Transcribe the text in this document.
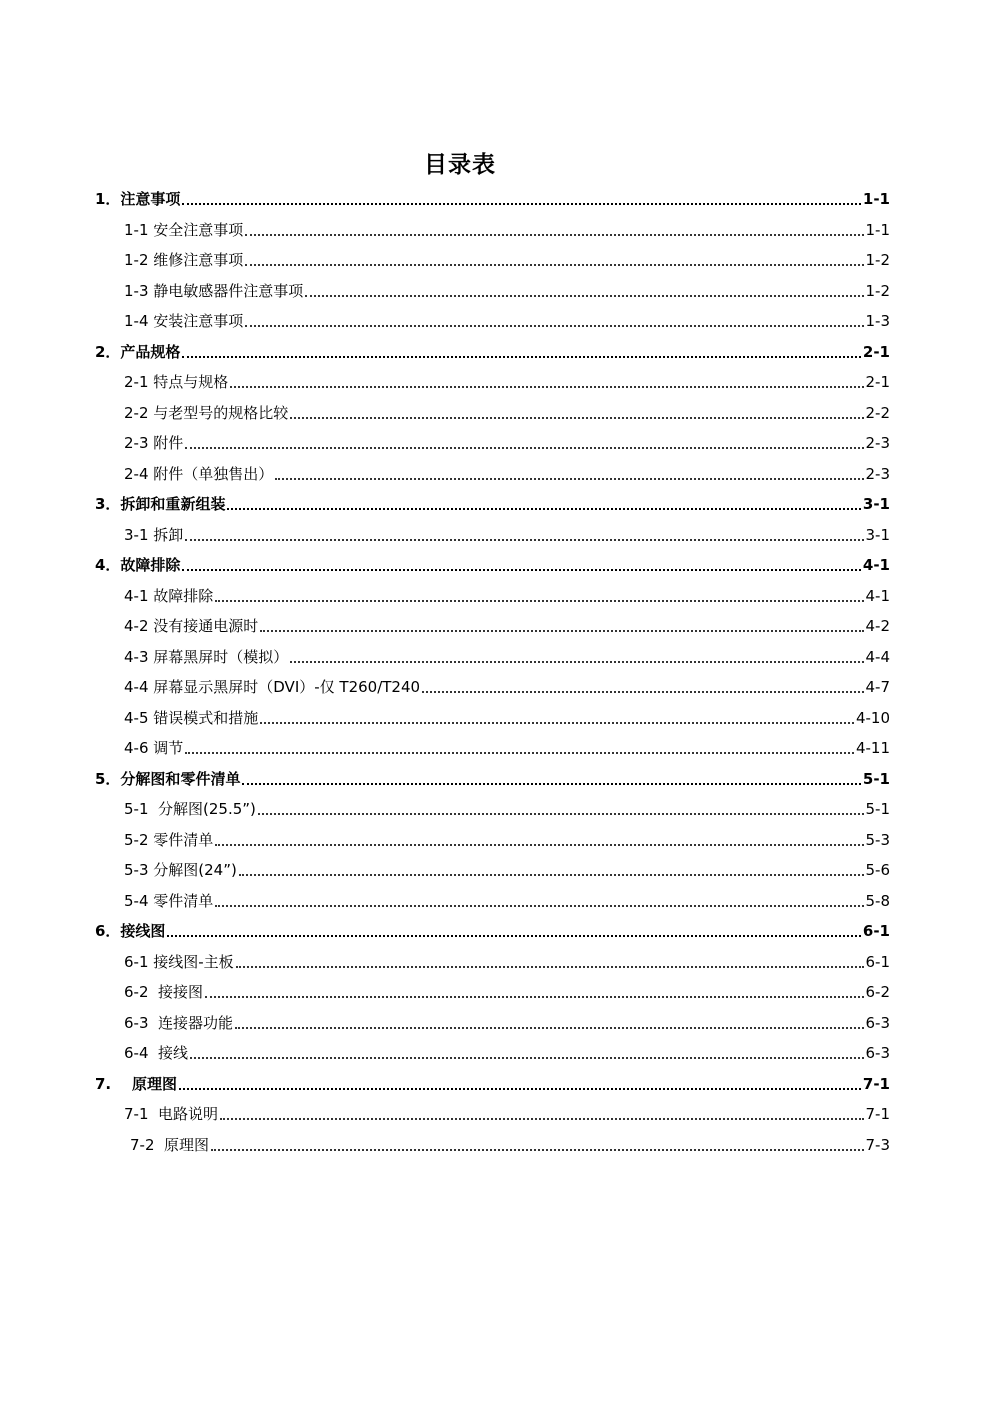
目录表
1．注意事项	1-1
1-1 安全注意事项	1-1
1-2 维修注意事项	1-2
1-3 静电敏感器件注意事项	1-2
1-4 安装注意事项	1-3
2．产品规格	2-1
2-1 特点与规格	2-1
2-2 与老型号的规格比较	2-2
2-3 附件	2-3
2-4 附件（单独售出）	2-3
3．拆卸和重新组装	3-1
3-1 拆卸	3-1
4．故障排除	4-1
4-1 故障排除	4-1
4-2 没有接通电源时	4-2
4-3 屏幕黑屏时（模拟）	4-4
4-4 屏幕显示黑屏时（DVI）-仅 T260/T240	4-7
4-5 错误模式和措施	4-10
4-6 调节	4-11
5．分解图和零件清单	5-1
5-1  分解图(25.5”)	5-1
5-2 零件清单	5-3
5-3 分解图(24”)	5-6
5-4 零件清单	5-8
6．接线图	6-1
6-1 接线图-主板	6-1
6-2  接接图	6-2
6-3  连接器功能	6-3
6-4  接线	6-3
7.    原理图	7-1
7-1  电路说明	7-1
7-2  原理图	7-3
